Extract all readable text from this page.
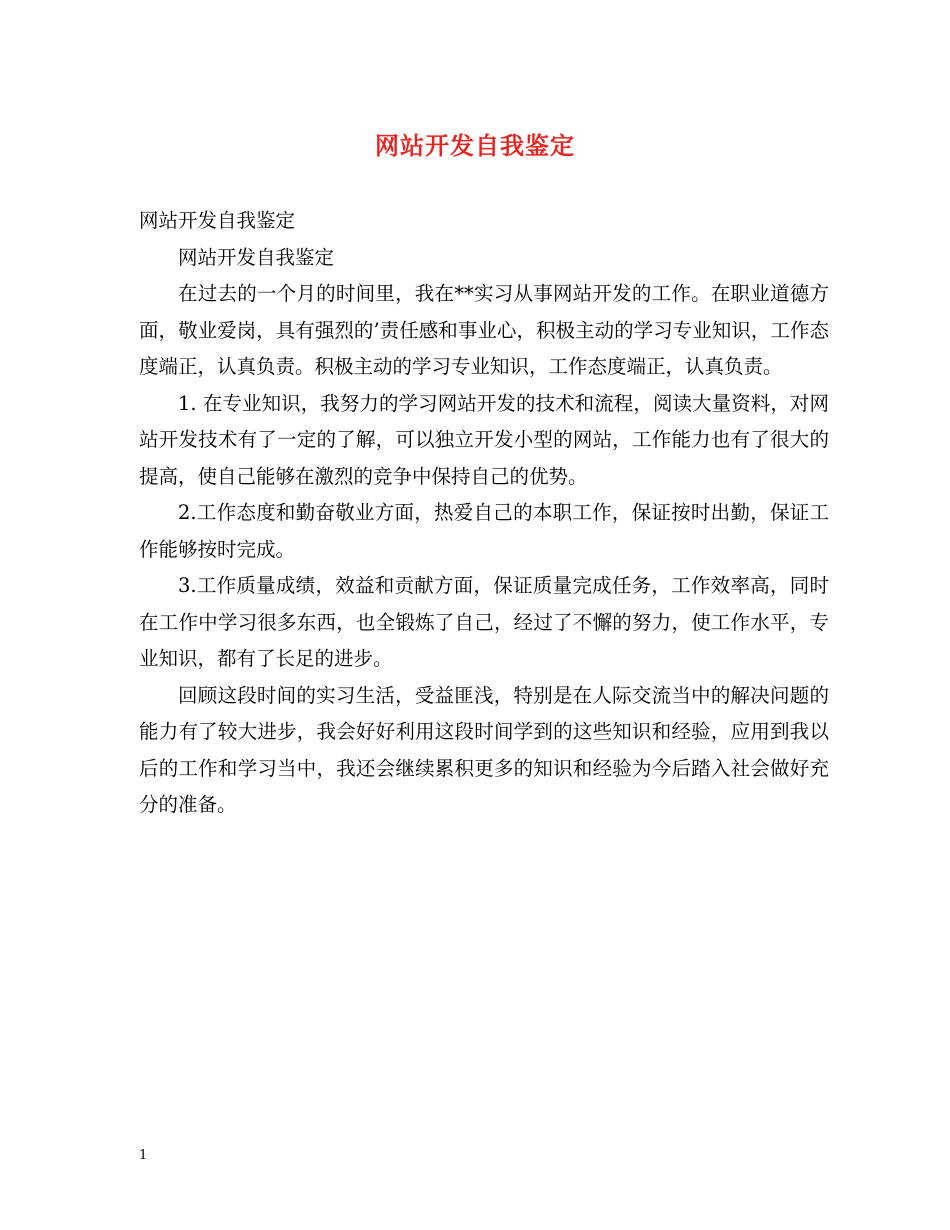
网站开发自我鉴定

网站开发自我鉴定

网站开发自我鉴定

在过去的一个月的时间里，我在**实习从事网站开发的工作。在职业道德方面，敬业爱岗，具有强烈的’责任感和事业心，积极主动的学习专业知识，工作态度端正，认真负责。积极主动的学习专业知识，工作态度端正，认真负责。

1. 在专业知识，我努力的学习网站开发的技术和流程，阅读大量资料，对网站开发技术有了一定的了解，可以独立开发小型的网站，工作能力也有了很大的提高，使自己能够在激烈的竞争中保持自己的优势。

2.工作态度和勤奋敬业方面，热爱自己的本职工作，保证按时出勤，保证工作能够按时完成。

3.工作质量成绩，效益和贡献方面，保证质量完成任务，工作效率高，同时在工作中学习很多东西，也全锻炼了自己，经过了不懈的努力，使工作水平，专业知识，都有了长足的进步。

回顾这段时间的实习生活，受益匪浅，特别是在人际交流当中的解决问题的能力有了较大进步，我会好好利用这段时间学到的这些知识和经验，应用到我以后的工作和学习当中，我还会继续累积更多的知识和经验为今后踏入社会做好充分的准备。

1
